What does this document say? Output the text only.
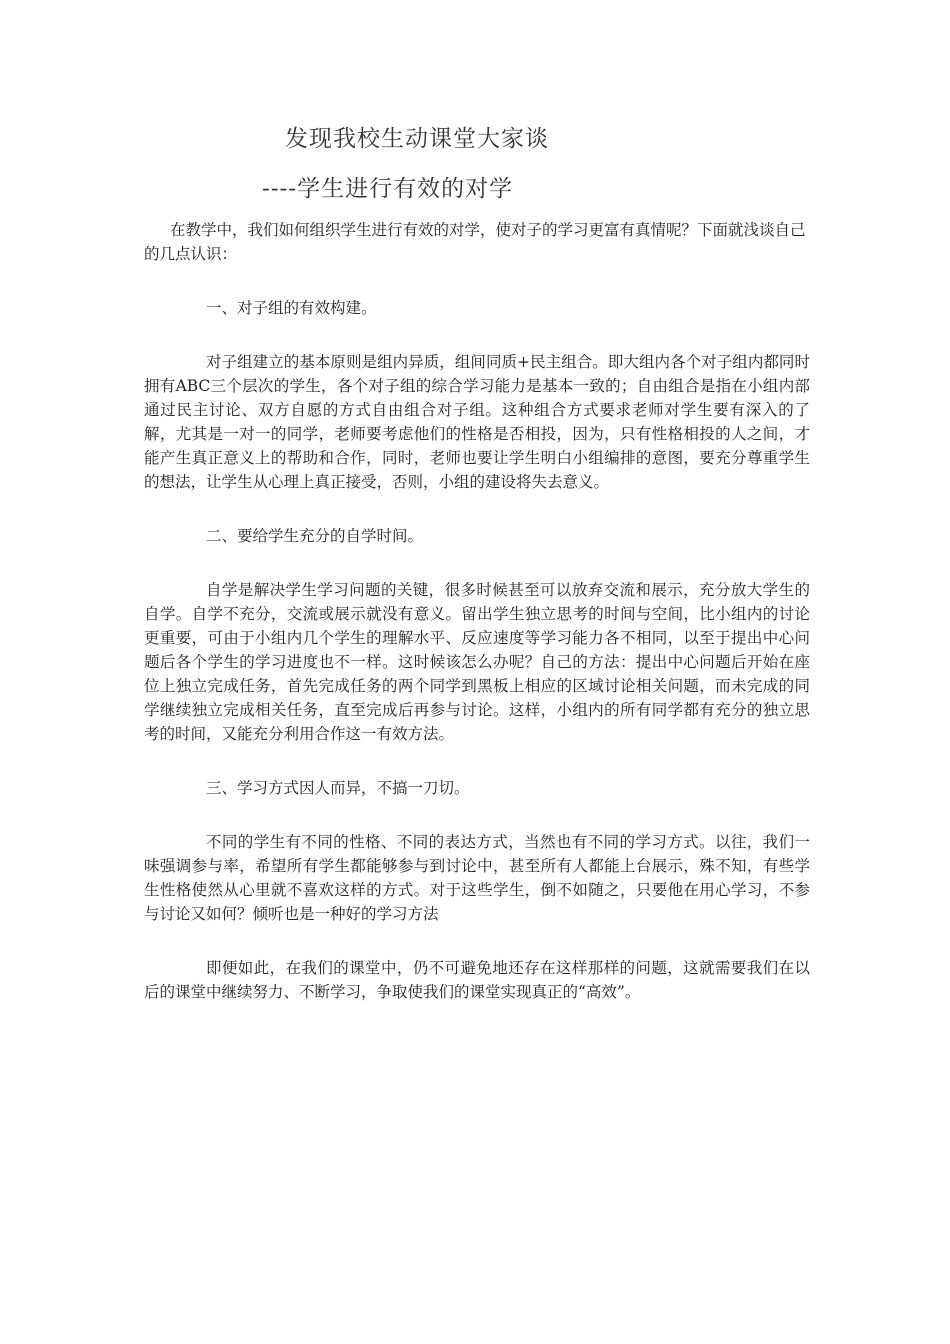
发现我校生动课堂大家谈
----学生进行有效的对学

在教学中，我们如何组织学生进行有效的对学，使对子的学习更富有真情呢？下面就浅谈自己的几点认识：

一、对子组的有效构建。

对子组建立的基本原则是组内异质，组间同质+民主组合。即大组内各个对子组内都同时拥有ABC三个层次的学生，各个对子组的综合学习能力是基本一致的；自由组合是指在小组内部通过民主讨论、双方自愿的方式自由组合对子组。这种组合方式要求老师对学生要有深入的了解，尤其是一对一的同学，老师要考虑他们的性格是否相投，因为，只有性格相投的人之间，才能产生真正意义上的帮助和合作，同时，老师也要让学生明白小组编排的意图，要充分尊重学生的想法，让学生从心理上真正接受，否则，小组的建设将失去意义。

二、要给学生充分的自学时间。

自学是解决学生学习问题的关键，很多时候甚至可以放弃交流和展示，充分放大学生的自学。自学不充分，交流或展示就没有意义。留出学生独立思考的时间与空间，比小组内的讨论更重要，可由于小组内几个学生的理解水平、反应速度等学习能力各不相同，以至于提出中心问题后各个学生的学习进度也不一样。这时候该怎么办呢？自己的方法：提出中心问题后开始在座位上独立完成任务，首先完成任务的两个同学到黑板上相应的区域讨论相关问题，而未完成的同学继续独立完成相关任务，直至完成后再参与讨论。这样，小组内的所有同学都有充分的独立思考的时间，又能充分利用合作这一有效方法。

三、学习方式因人而异，不搞一刀切。

不同的学生有不同的性格、不同的表达方式，当然也有不同的学习方式。以往，我们一味强调参与率，希望所有学生都能够参与到讨论中，甚至所有人都能上台展示，殊不知，有些学生性格使然从心里就不喜欢这样的方式。对于这些学生，倒不如随之，只要他在用心学习，不参与讨论又如何？倾听也是一种好的学习方法

即便如此，在我们的课堂中，仍不可避免地还存在这样那样的问题，这就需要我们在以后的课堂中继续努力、不断学习，争取使我们的课堂实现真正的“高效”。
